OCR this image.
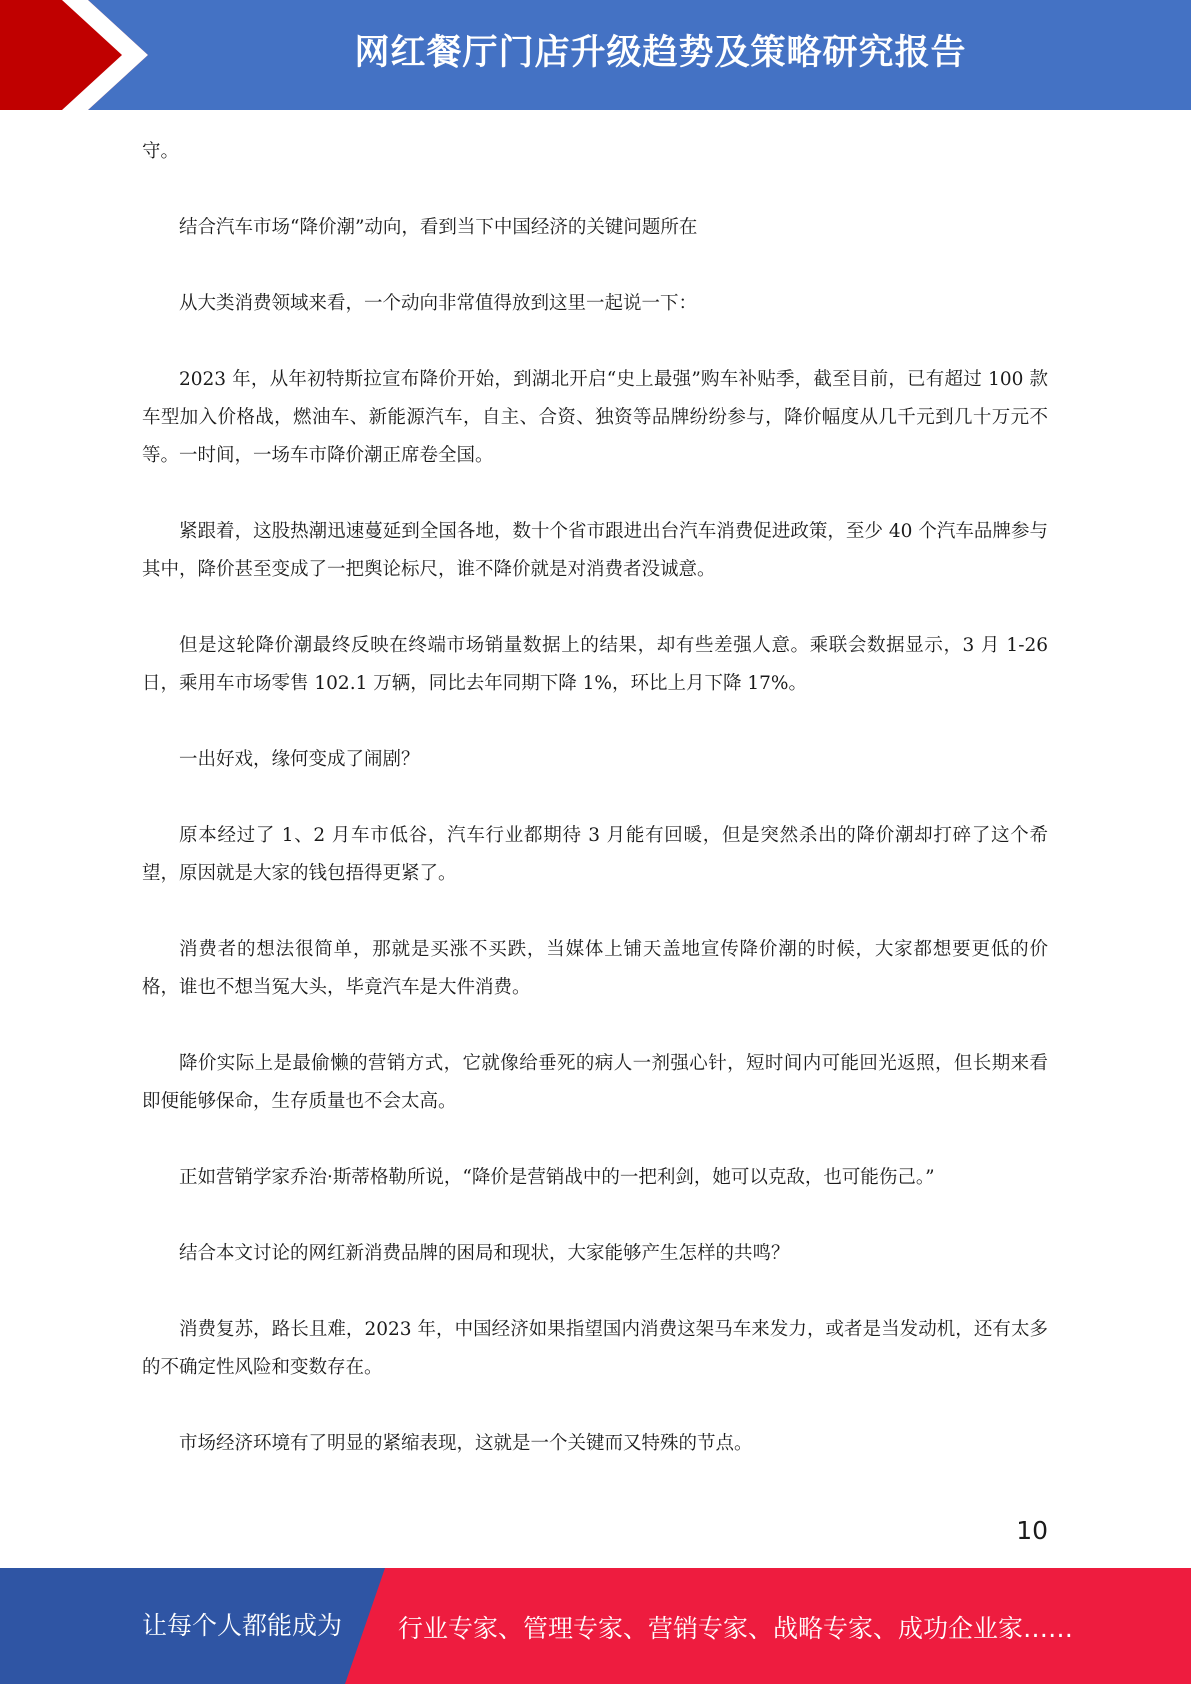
网红餐厅门店升级趋势及策略研究报告

守。

结合汽车市场“降价潮”动向，看到当下中国经济的关键问题所在

从大类消费领域来看，一个动向非常值得放到这里一起说一下：

2023 年，从年初特斯拉宣布降价开始，到湖北开启“史上最强”购车补贴季，截至目前，已有超过 100 款车型加入价格战，燃油车、新能源汽车，自主、合资、独资等品牌纷纷参与，降价幅度从几千元到几十万元不等。一时间，一场车市降价潮正席卷全国。

紧跟着，这股热潮迅速蔓延到全国各地，数十个省市跟进出台汽车消费促进政策，至少 40 个汽车品牌参与其中，降价甚至变成了一把舆论标尺，谁不降价就是对消费者没诚意。

但是这轮降价潮最终反映在终端市场销量数据上的结果，却有些差强人意。乘联会数据显示，3 月 1-26 日，乘用车市场零售 102.1 万辆，同比去年同期下降 1%，环比上月下降 17%。

一出好戏，缘何变成了闹剧？

原本经过了 1、2 月车市低谷，汽车行业都期待 3 月能有回暖，但是突然杀出的降价潮却打碎了这个希望，原因就是大家的钱包捂得更紧了。

消费者的想法很简单，那就是买涨不买跌，当媒体上铺天盖地宣传降价潮的时候，大家都想要更低的价格，谁也不想当冤大头，毕竟汽车是大件消费。

降价实际上是最偷懒的营销方式，它就像给垂死的病人一剂强心针，短时间内可能回光返照，但长期来看即便能够保命，生存质量也不会太高。

正如营销学家乔治·斯蒂格勒所说，“降价是营销战中的一把利剑，她可以克敌，也可能伤己。”

结合本文讨论的网红新消费品牌的困局和现状，大家能够产生怎样的共鸣？

消费复苏，路长且难，2023 年，中国经济如果指望国内消费这架马车来发力，或者是当发动机，还有太多的不确定性风险和变数存在。

市场经济环境有了明显的紧缩表现，这就是一个关键而又特殊的节点。

10
让每个人都能成为 行业专家、管理专家、营销专家、战略专家、成功企业家……
